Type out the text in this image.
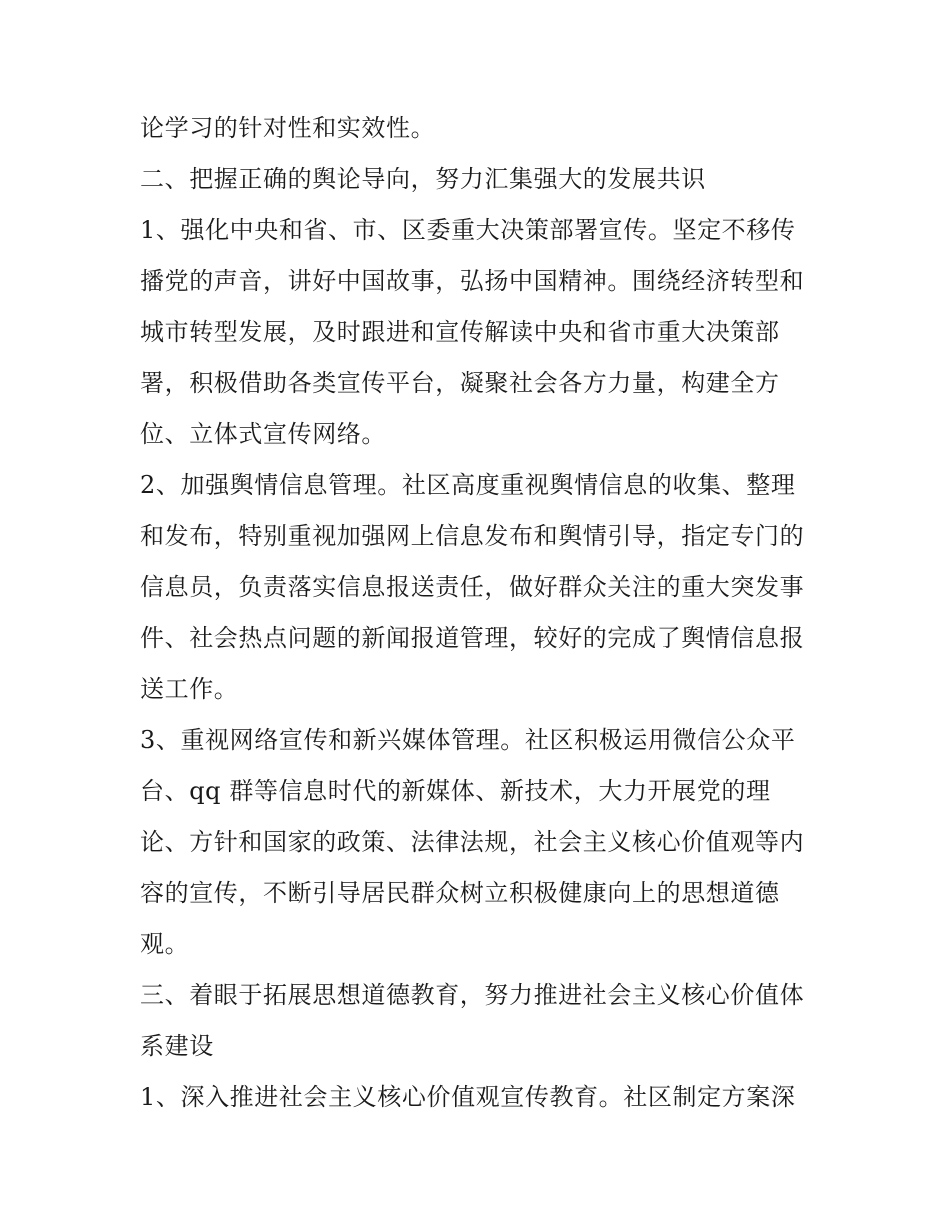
论学习的针对性和实效性。
二、把握正确的舆论导向，努力汇集强大的发展共识
1、强化中央和省、市、区委重大决策部署宣传。坚定不移传
播党的声音，讲好中国故事，弘扬中国精神。围绕经济转型和
城市转型发展，及时跟进和宣传解读中央和省市重大决策部
署，积极借助各类宣传平台，凝聚社会各方力量，构建全方
位、立体式宣传网络。
2、加强舆情信息管理。社区高度重视舆情信息的收集、整理
和发布，特别重视加强网上信息发布和舆情引导，指定专门的
信息员，负责落实信息报送责任，做好群众关注的重大突发事
件、社会热点问题的新闻报道管理，较好的完成了舆情信息报
送工作。
3、重视网络宣传和新兴媒体管理。社区积极运用微信公众平
台、qq 群等信息时代的新媒体、新技术，大力开展党的理
论、方针和国家的政策、法律法规，社会主义核心价值观等内
容的宣传，不断引导居民群众树立积极健康向上的思想道德
观。
三、着眼于拓展思想道德教育，努力推进社会主义核心价值体
系建设
1、深入推进社会主义核心价值观宣传教育。社区制定方案深
